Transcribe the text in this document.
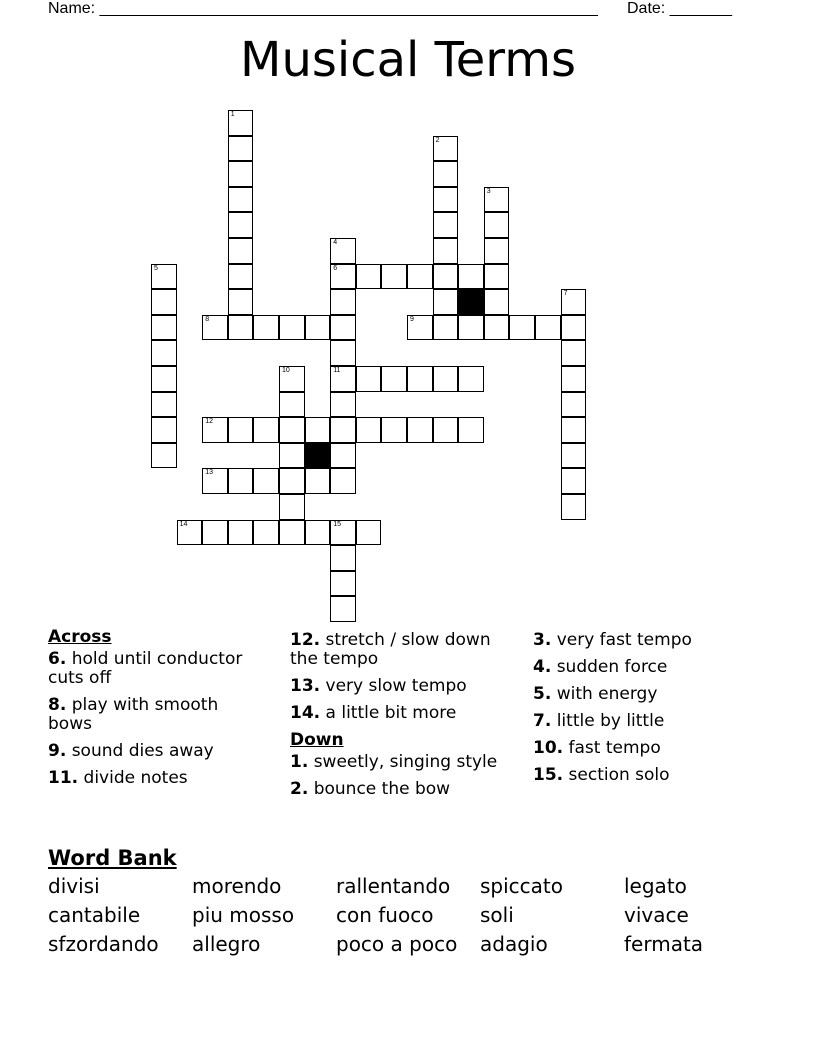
Name: ________________________________________________________ Date: _______
Musical Terms
1
2
3
4
6
11
5
7
8	9
10
12
13
14	15
Across
6. hold until conductor cuts off
8. play with smooth bows
9. sound dies away
11. divide notes
12. stretch / slow down the tempo
13. very slow tempo
14. a little bit more
Down
1. sweetly, singing style
2. bounce the bow
3. very fast tempo
4. sudden force
5. with energy
7. little by little
10. fast tempo
15. section solo
Word Bank
divisi	morendo	rallentando	spiccato	legato
cantabile	piu mosso	con fuoco	soli	vivace
sfzordando	allegro	poco a poco	adagio	fermata
